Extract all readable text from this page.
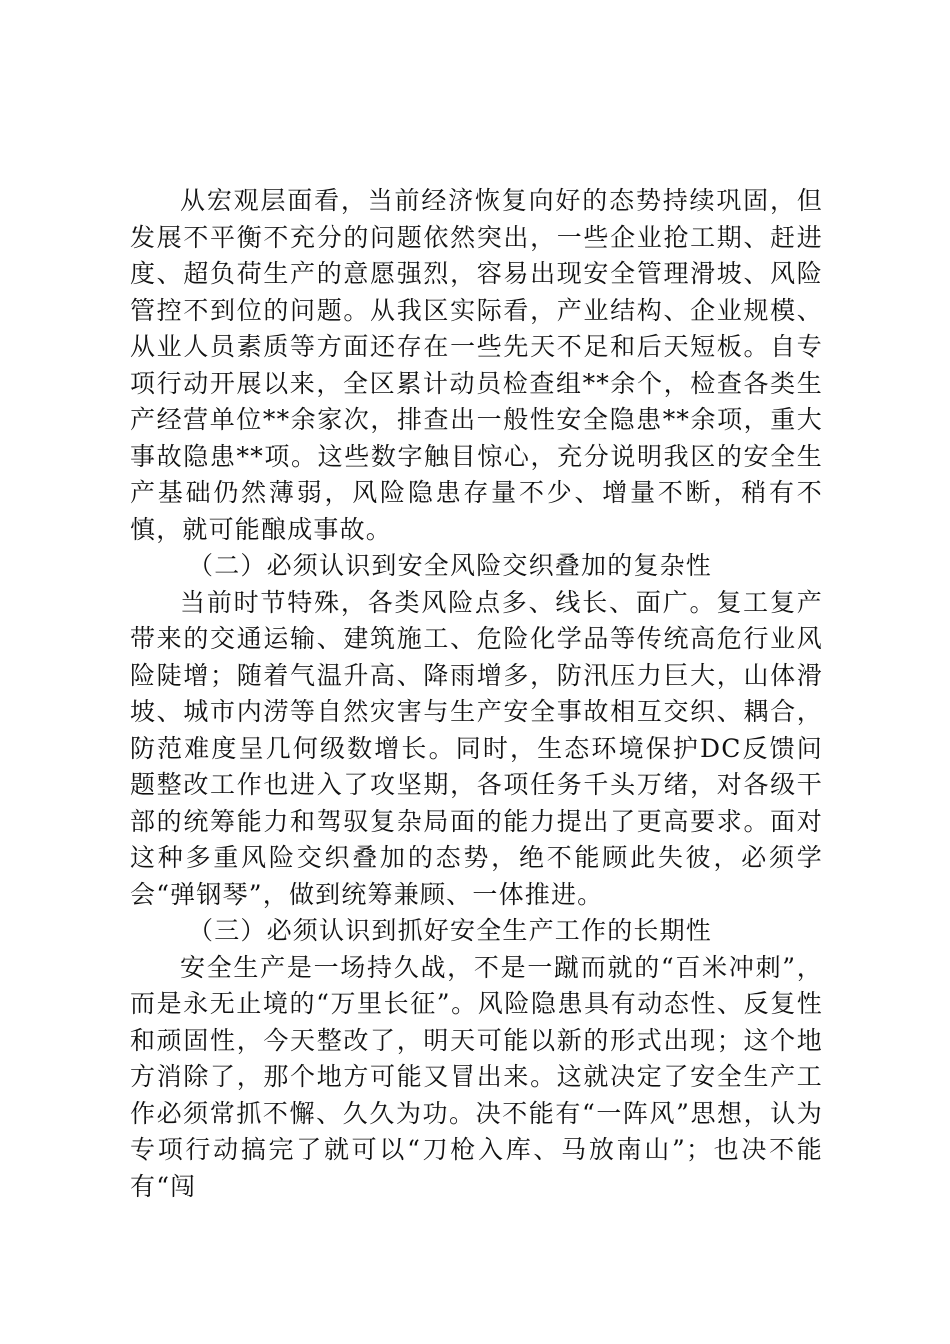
从宏观层面看，当前经济恢复向好的态势持续巩固，但发展不平衡不充分的问题依然突出，一些企业抢工期、赶进度、超负荷生产的意愿强烈，容易出现安全管理滑坡、风险管控不到位的问题。从我区实际看，产业结构、企业规模、从业人员素质等方面还存在一些先天不足和后天短板。自专项行动开展以来，全区累计动员检查组**余个，检查各类生产经营单位**余家次，排查出一般性安全隐患**余项，重大事故隐患**项。这些数字触目惊心，充分说明我区的安全生产基础仍然薄弱，风险隐患存量不少、增量不断，稍有不慎，就可能酿成事故。

（二）必须认识到安全风险交织叠加的复杂性

当前时节特殊，各类风险点多、线长、面广。复工复产带来的交通运输、建筑施工、危险化学品等传统高危行业风险陡增；随着气温升高、降雨增多，防汛压力巨大，山体滑坡、城市内涝等自然灾害与生产安全事故相互交织、耦合，防范难度呈几何级数增长。同时，生态环境保护DC反馈问题整改工作也进入了攻坚期，各项任务千头万绪，对各级干部的统筹能力和驾驭复杂局面的能力提出了更高要求。面对这种多重风险交织叠加的态势，绝不能顾此失彼，必须学会“弹钢琴”，做到统筹兼顾、一体推进。

（三）必须认识到抓好安全生产工作的长期性

安全生产是一场持久战，不是一蹴而就的“百米冲刺”，而是永无止境的“万里长征”。风险隐患具有动态性、反复性和顽固性，今天整改了，明天可能以新的形式出现；这个地方消除了，那个地方可能又冒出来。这就决定了安全生产工作必须常抓不懈、久久为功。决不能有“一阵风”思想，认为专项行动搞完了就可以“刀枪入库、马放南山”；也决不能有“闯
